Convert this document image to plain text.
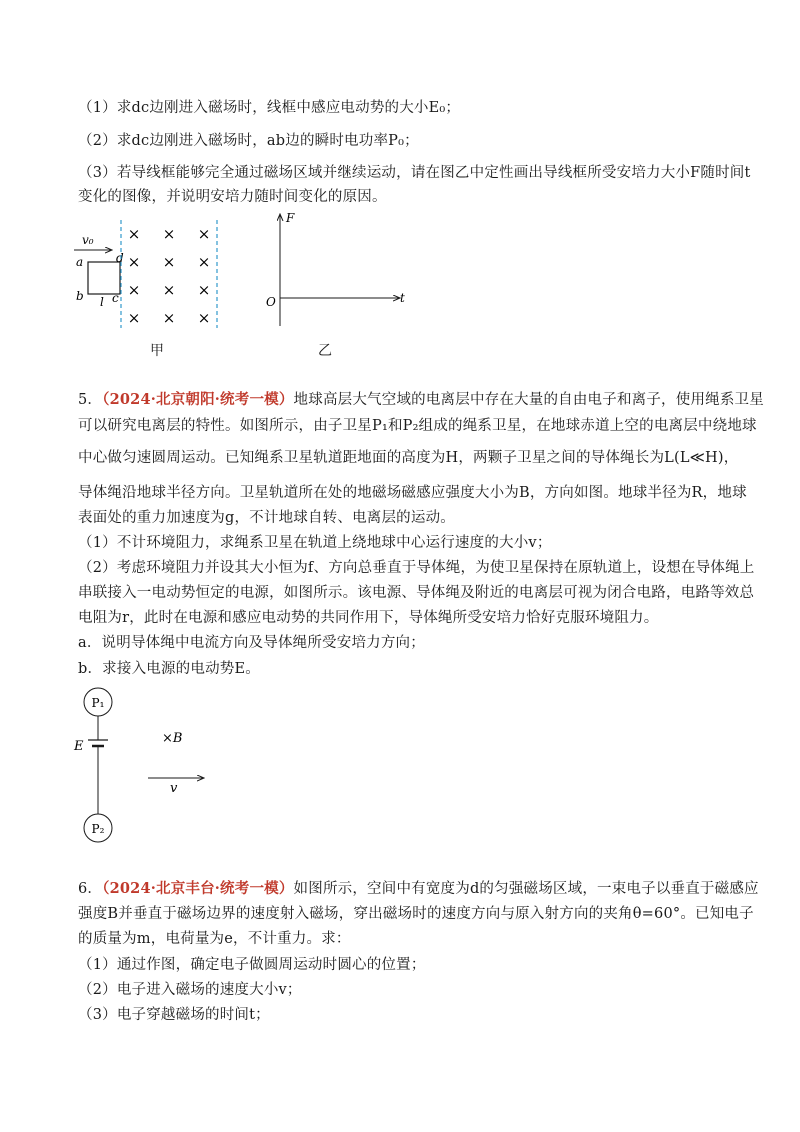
（1）求dc边刚进入磁场时，线框中感应电动势的大小E₀；
（2）求dc边刚进入磁场时，ab边的瞬时电功率P₀；
（3）若导线框能够完全通过磁场区域并继续运动，请在图乙中定性画出导线框所受安培力大小F随时间t
变化的图像，并说明安培力随时间变化的原因。
v₀
a
b c
d
l
× × ×
× × ×
× × ×
× × ×
甲
F
t
O
乙
5．（2024·北京朝阳·统考一模）地球高层大气空域的电离层中存在大量的自由电子和离子，使用绳系卫星
可以研究电离层的特性。如图所示，由子卫星P₁和P₂组成的绳系卫星，在地球赤道上空的电离层中绕地球
中心做匀速圆周运动。已知绳系卫星轨道距地面的高度为H，两颗子卫星之间的导体绳长为L(L≪H)，
导体绳沿地球半径方向。卫星轨道所在处的地磁场磁感应强度大小为B，方向如图。地球半径为R，地球
表面处的重力加速度为g，不计地球自转、电离层的运动。
（1）不计环境阻力，求绳系卫星在轨道上绕地球中心运行速度的大小v；
（2）考虑环境阻力并设其大小恒为f、方向总垂直于导体绳，为使卫星保持在原轨道上，设想在导体绳上
串联接入一电动势恒定的电源，如图所示。该电源、导体绳及附近的电离层可视为闭合电路，电路等效总
电阻为r，此时在电源和感应电动势的共同作用下，导体绳所受安培力恰好克服环境阻力。
a．说明导体绳中电流方向及导体绳所受安培力方向；
b．求接入电源的电动势E。
P₁
E
P₂
×B
v
6．（2024·北京丰台·统考一模）如图所示，空间中有宽度为d的匀强磁场区域，一束电子以垂直于磁感应
强度B并垂直于磁场边界的速度射入磁场，穿出磁场时的速度方向与原入射方向的夹角θ=60°。已知电子
的质量为m，电荷量为e，不计重力。求：
（1）通过作图，确定电子做圆周运动时圆心的位置；
（2）电子进入磁场的速度大小v；
（3）电子穿越磁场的时间t；
